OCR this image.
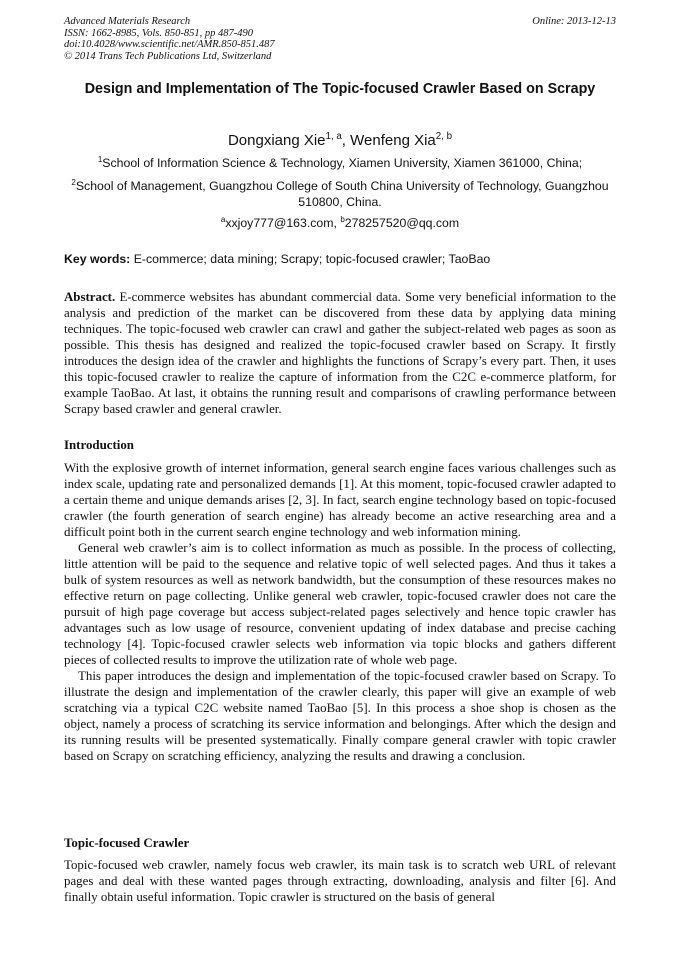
Advanced Materials Research
ISSN: 1662-8985, Vols. 850-851, pp 487-490
doi:10.4028/www.scientific.net/AMR.850-851.487
© 2014 Trans Tech Publications Ltd, Switzerland
Online: 2013-12-13
Design and Implementation of The Topic-focused Crawler Based on Scrapy
Dongxiang Xie$^{1, a}$, Wenfeng Xia$^{2, b}$
$^1$School of Information Science & Technology, Xiamen University, Xiamen 361000, China;
$^2$School of Management, Guangzhou College of South China University of Technology, Guangzhou 510800, China.
$^a$xxjoy777@163.com, $^b$278257520@qq.com
Key words: E-commerce; data mining; Scrapy; topic-focused crawler; TaoBao
Abstract. E-commerce websites has abundant commercial data. Some very beneficial information to the analysis and prediction of the market can be discovered from these data by applying data mining techniques. The topic-focused web crawler can crawl and gather the subject-related web pages as soon as possible. This thesis has designed and realized the topic-focused crawler based on Scrapy. It firstly introduces the design idea of the crawler and highlights the functions of Scrapy’s every part. Then, it uses this topic-focused crawler to realize the capture of information from the C2C e-commerce platform, for example TaoBao. At last, it obtains the running result and comparisons of crawling performance between Scrapy based crawler and general crawler.
Introduction

With the explosive growth of internet information, general search engine faces various challenges such as index scale, updating rate and personalized demands [1]. At this moment, topic-focused crawler adapted to a certain theme and unique demands arises [2, 3]. In fact, search engine technology based on topic-focused crawler (the fourth generation of search engine) has already become an active researching area and a difficult point both in the current search engine technology and web information mining.

General web crawler’s aim is to collect information as much as possible. In the process of collecting, little attention will be paid to the sequence and relative topic of well selected pages. And thus it takes a bulk of system resources as well as network bandwidth, but the consumption of these resources makes no effective return on page collecting. Unlike general web crawler, topic-focused crawler does not care the pursuit of high page coverage but access subject-related pages selectively and hence topic crawler has advantages such as low usage of resource, convenient updating of index database and precise caching technology [4]. Topic-focused crawler selects web information via topic blocks and gathers different pieces of collected results to improve the utilization rate of whole web page.

This paper introduces the design and implementation of the topic-focused crawler based on Scrapy. To illustrate the design and implementation of the crawler clearly, this paper will give an example of web scratching via a typical C2C website named TaoBao [5]. In this process a shoe shop is chosen as the object, namely a process of scratching its service information and belongings. After which the design and its running results will be presented systematically. Finally compare general crawler with topic crawler based on Scrapy on scratching efficiency, analyzing the results and drawing a conclusion.

Topic-focused Crawler

Topic-focused web crawler, namely focus web crawler, its main task is to scratch web URL of relevant pages and deal with these wanted pages through extracting, downloading, analysis and filter [6]. And finally obtain useful information. Topic crawler is structured on the basis of general
